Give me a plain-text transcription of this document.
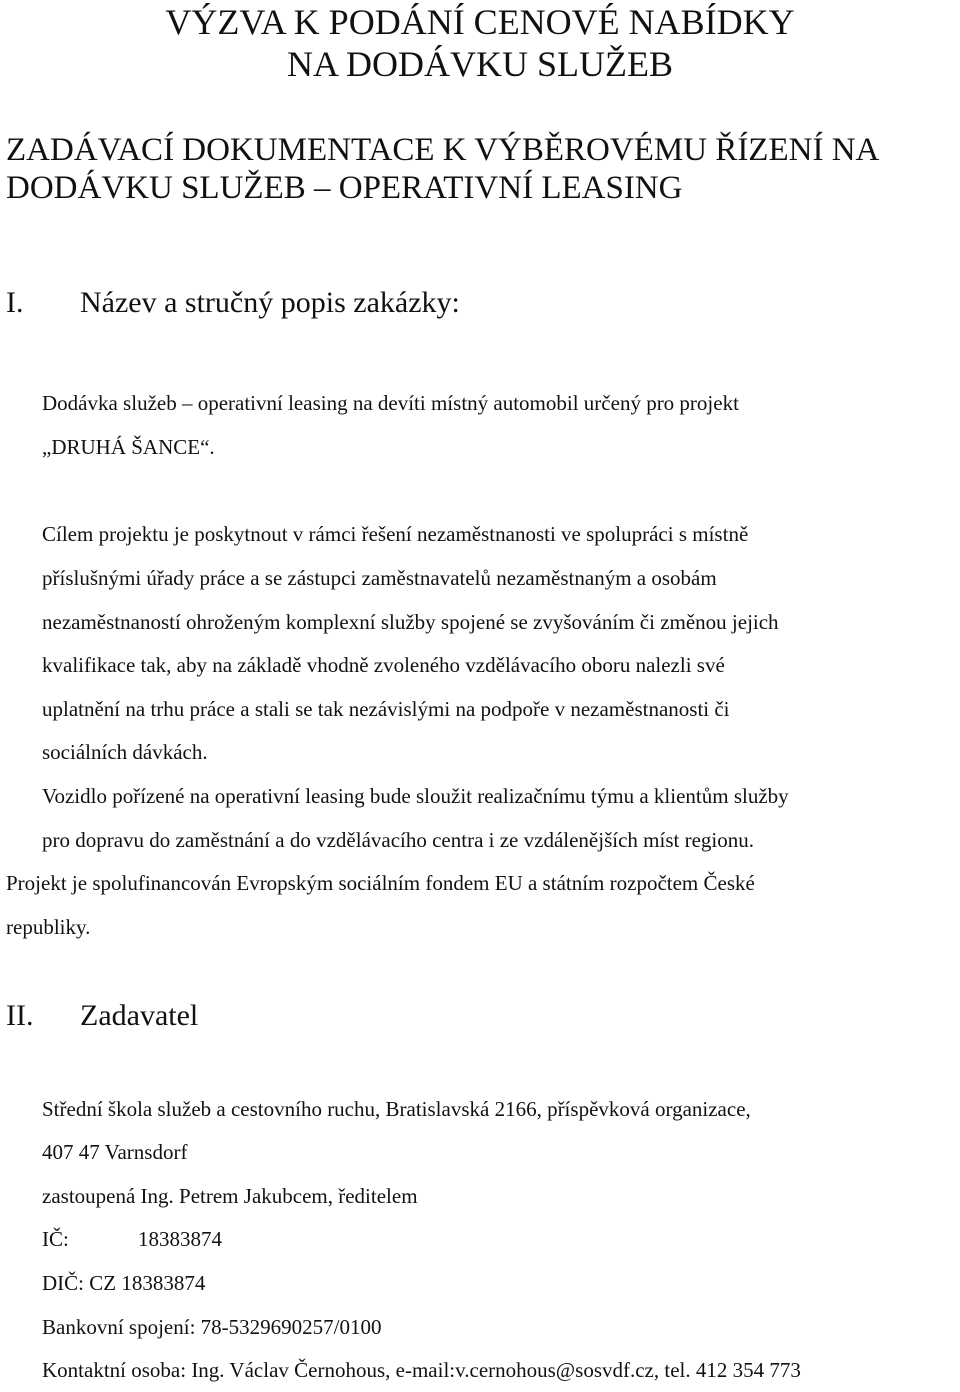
VÝZVA K PODÁNÍ CENOVÉ NABÍDKY
NA DODÁVKU SLUŽEB
ZADÁVACÍ DOKUMENTACE K VÝBĚROVÉMU ŘÍZENÍ NA
DODÁVKU SLUŽEB – OPERATIVNÍ LEASING
I. Název a stručný popis zakázky:
Dodávka služeb – operativní leasing na devíti místný automobil určený pro projekt
„DRUHÁ ŠANCE“.
Cílem projektu je poskytnout v rámci řešení nezaměstnanosti ve spolupráci s místně
příslušnými úřady práce a se zástupci zaměstnavatelů nezaměstnaným a osobám
nezaměstnaností ohroženým komplexní služby spojené se zvyšováním či změnou jejich
kvalifikace tak, aby na základě vhodně zvoleného vzdělávacího oboru nalezli své
uplatnění na trhu práce a stali se tak nezávislými na podpoře v nezaměstnanosti či
sociálních dávkách.
Vozidlo pořízené na operativní leasing bude sloužit realizačnímu týmu a klientům služby
pro dopravu do zaměstnání a do vzdělávacího centra i ze vzdálenějších míst regionu.
Projekt je spolufinancován Evropským sociálním fondem EU a státním rozpočtem České
republiky.
II. Zadavatel
Střední škola služeb a cestovního ruchu, Bratislavská 2166, příspěvková organizace,
407 47 Varnsdorf
zastoupená Ing. Petrem Jakubcem, ředitelem
IČ:	18383874
DIČ: CZ 18383874
Bankovní spojení: 78-5329690257/0100
Kontaktní osoba: Ing. Václav Černohous, e-mail:v.cernohous@sosvdf.cz, tel. 412 354 773
